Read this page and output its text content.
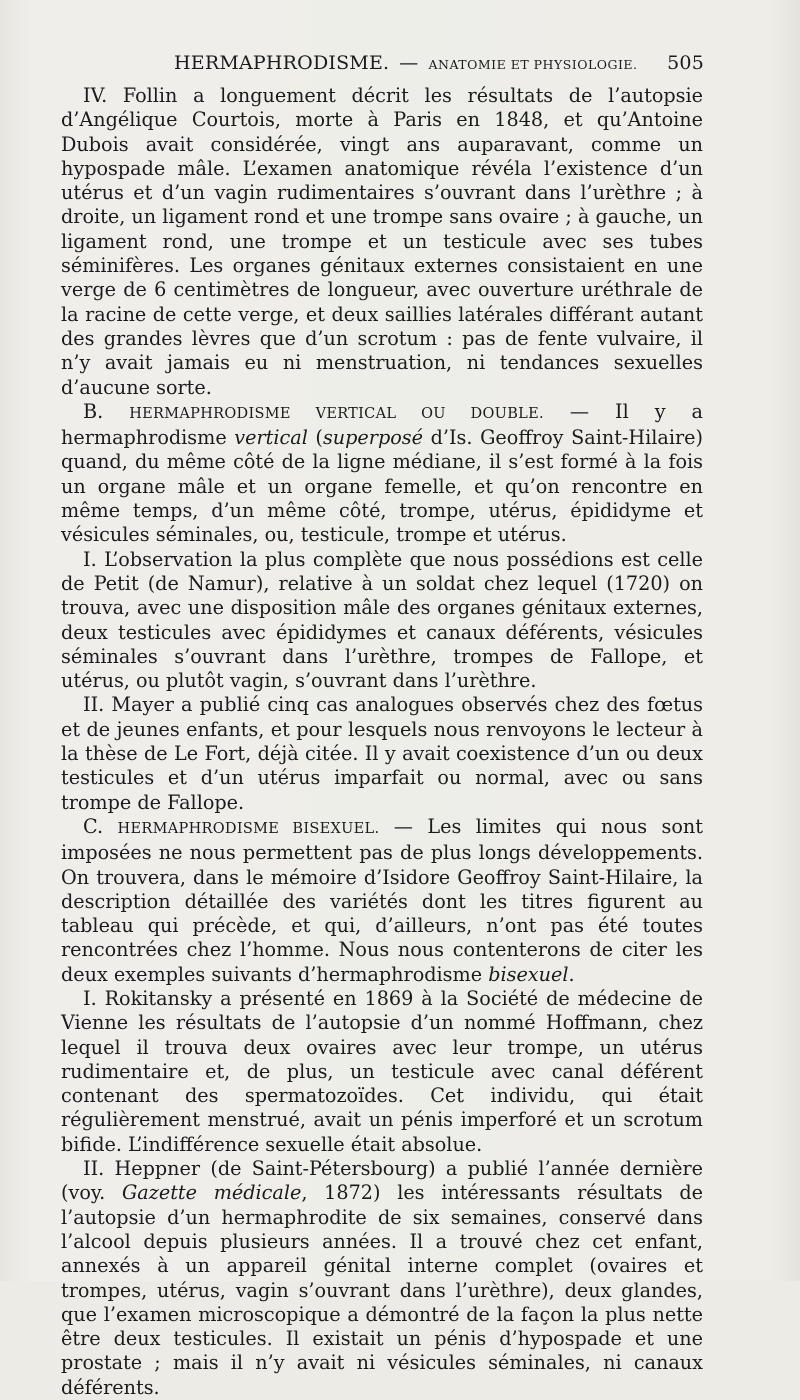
HERMAPHRODISME. — ANATOMIE ET PHYSIOLOGIE. 505

IV. Follin a longuement décrit les résultats de l’autopsie d’Angélique Courtois, morte à Paris en 1848, et qu’Antoine Dubois avait considérée, vingt ans auparavant, comme un hypospade mâle. L’examen anatomique révéla l’existence d’un utérus et d’un vagin rudimentaires s’ouvrant dans l’urèthre ; à droite, un ligament rond et une trompe sans ovaire ; à gauche, un ligament rond, une trompe et un testicule avec ses tubes séminifères. Les organes génitaux externes consistaient en une verge de 6 centimètres de longueur, avec ouverture uréthrale de la racine de cette verge, et deux saillies latérales différant autant des grandes lèvres que d’un scrotum : pas de fente vulvaire, il n’y avait jamais eu ni menstruation, ni tendances sexuelles d’aucune sorte.

B. HERMAPHRODISME VERTICAL OU DOUBLE. — Il y a hermaphrodisme vertical (superposé d’Is. Geoffroy Saint-Hilaire) quand, du même côté de la ligne médiane, il s’est formé à la fois un organe mâle et un organe femelle, et qu’on rencontre en même temps, d’un même côté, trompe, utérus, épididyme et vésicules séminales, ou, testicule, trompe et utérus.

I. L’observation la plus complète que nous possédions est celle de Petit (de Namur), relative à un soldat chez lequel (1720) on trouva, avec une disposition mâle des organes génitaux externes, deux testicules avec épididymes et canaux déférents, vésicules séminales s’ouvrant dans l’urèthre, trompes de Fallope, et utérus, ou plutôt vagin, s’ouvrant dans l’urèthre.

II. Mayer a publié cinq cas analogues observés chez des fœtus et de jeunes enfants, et pour lesquels nous renvoyons le lecteur à la thèse de Le Fort, déjà citée. Il y avait coexistence d’un ou deux testicules et d’un utérus imparfait ou normal, avec ou sans trompe de Fallope.

C. HERMAPHRODISME BISEXUEL. — Les limites qui nous sont imposées ne nous permettent pas de plus longs développements. On trouvera, dans le mémoire d’Isidore Geoffroy Saint-Hilaire, la description détaillée des variétés dont les titres figurent au tableau qui précède, et qui, d’ailleurs, n’ont pas été toutes rencontrées chez l’homme. Nous nous contenterons de citer les deux exemples suivants d’hermaphrodisme bisexuel.

I. Rokitansky a présenté en 1869 à la Société de médecine de Vienne les résultats de l’autopsie d’un nommé Hoffmann, chez lequel il trouva deux ovaires avec leur trompe, un utérus rudimentaire et, de plus, un testicule avec canal déférent contenant des spermatozoïdes. Cet individu, qui était régulièrement menstrué, avait un pénis imperforé et un scrotum bifide. L’indifférence sexuelle était absolue.

II. Heppner (de Saint-Pétersbourg) a publié l’année dernière (voy. Gazette médicale, 1872) les intéressants résultats de l’autopsie d’un hermaphrodite de six semaines, conservé dans l’alcool depuis plusieurs années. Il a trouvé chez cet enfant, annexés à un appareil génital interne complet (ovaires et trompes, utérus, vagin s’ouvrant dans l’urèthre), deux glandes, que l’examen microscopique a démontré de la façon la plus nette être deux testicules. Il existait un pénis d’hypospade et une prostate ; mais il n’y avait ni vésicules séminales, ni canaux déférents.
